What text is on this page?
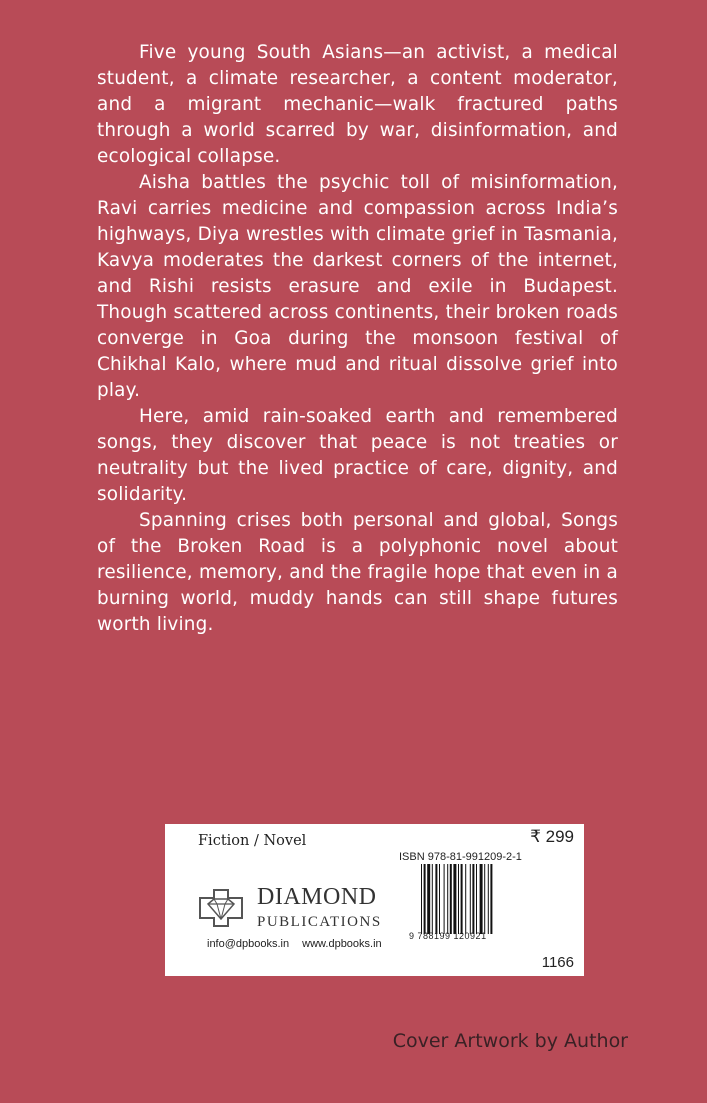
Five young South Asians—an activist, a medical student, a climate researcher, a content moderator, and a migrant mechanic—walk fractured paths through a world scarred by war, disinformation, and ecological collapse.

Aisha battles the psychic toll of misinformation, Ravi carries medicine and compassion across India’s highways, Diya wrestles with climate grief in Tasmania, Kavya moderates the darkest corners of the internet, and Rishi resists erasure and exile in Budapest. Though scattered across continents, their broken roads converge in Goa during the monsoon festival of Chikhal Kalo, where mud and ritual dissolve grief into play.

Here, amid rain-soaked earth and remembered songs, they discover that peace is not treaties or neutrality but the lived practice of care, dignity, and solidarity.

Spanning crises both personal and global, Songs of the Broken Road is a polyphonic novel about resilience, memory, and the fragile hope that even in a burning world, muddy hands can still shape futures worth living.

Fiction / Novel	₹ 299
ISBN 978-81-991209-2-1
DIAMOND
PUBLICATIONS
info@dpbooks.in www.dpbooks.in
9 788199 120921
1166
Cover Artwork by Author
